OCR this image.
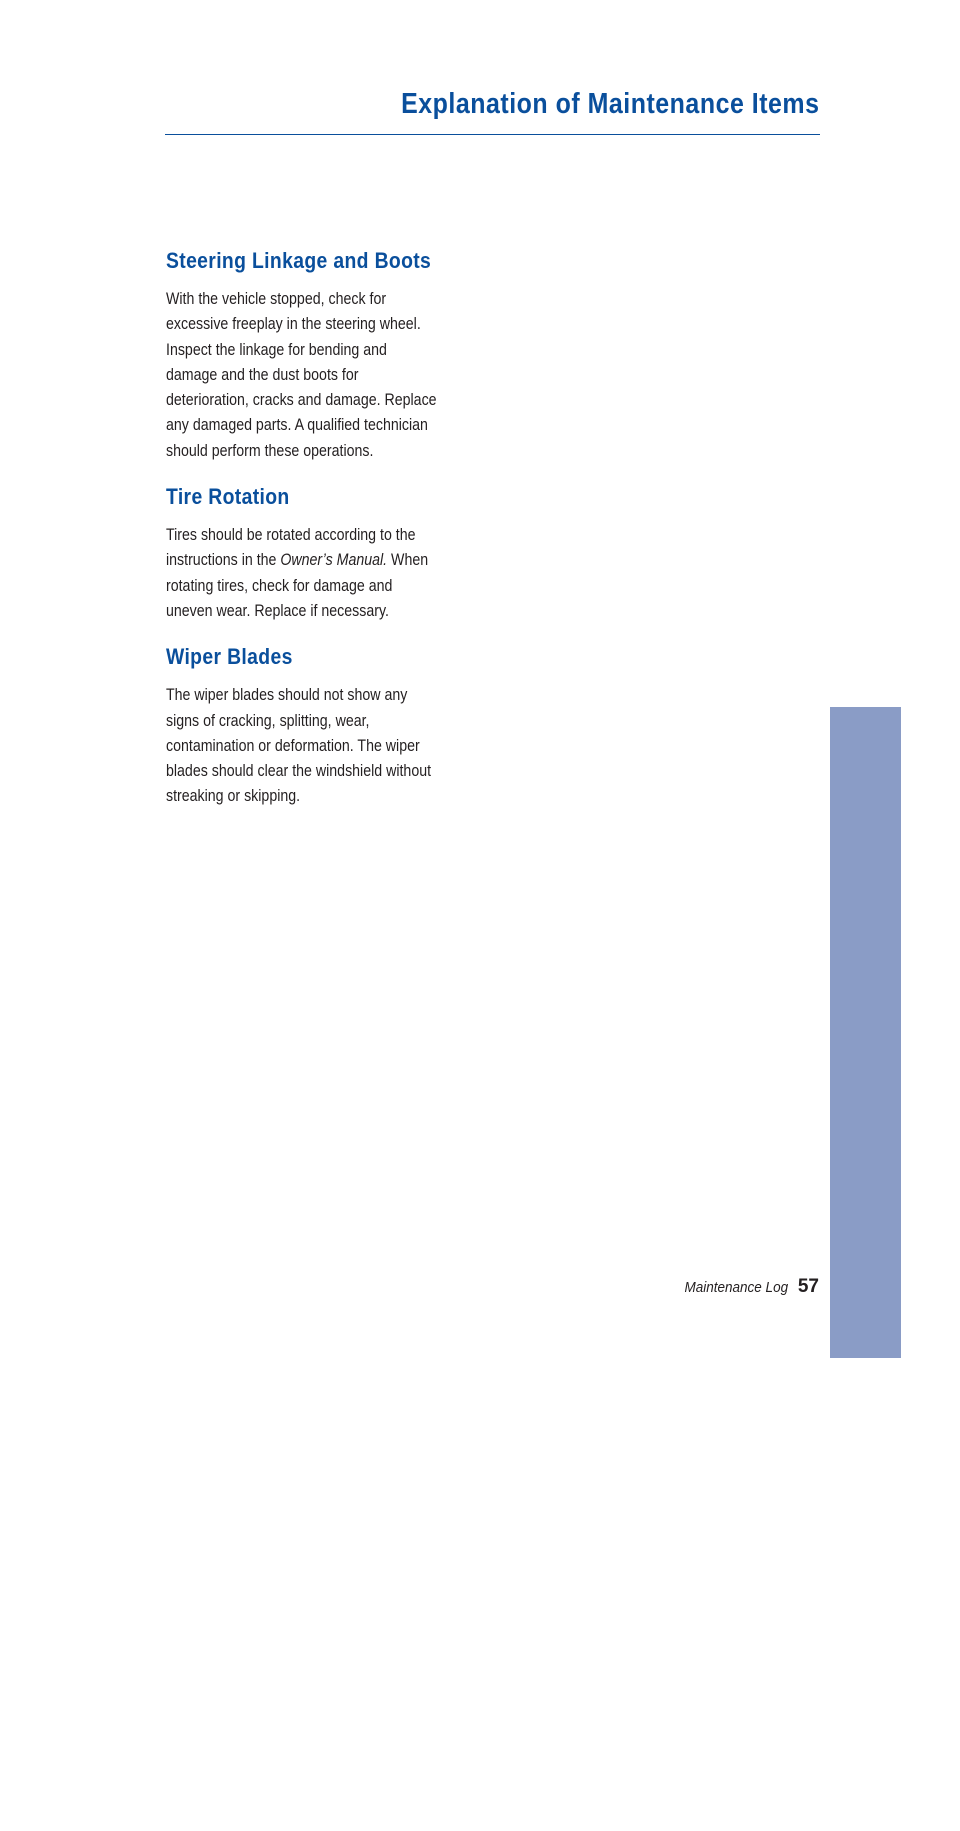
Explanation of Maintenance Items
Steering Linkage and Boots

With the vehicle stopped, check for
excessive freeplay in the steering wheel.
Inspect the linkage for bending and
damage and the dust boots for
deterioration, cracks and damage. Replace
any damaged parts. A qualified technician
should perform these operations.

Tire Rotation

Tires should be rotated according to the
instructions in the Owner’s Manual. When
rotating tires, check for damage and
uneven wear. Replace if necessary.

Wiper Blades

The wiper blades should not show any
signs of cracking, splitting, wear,
contamination or deformation. The wiper
blades should clear the windshield without
streaking or skipping.

MAINTENANCE
Maintenance Log 57
